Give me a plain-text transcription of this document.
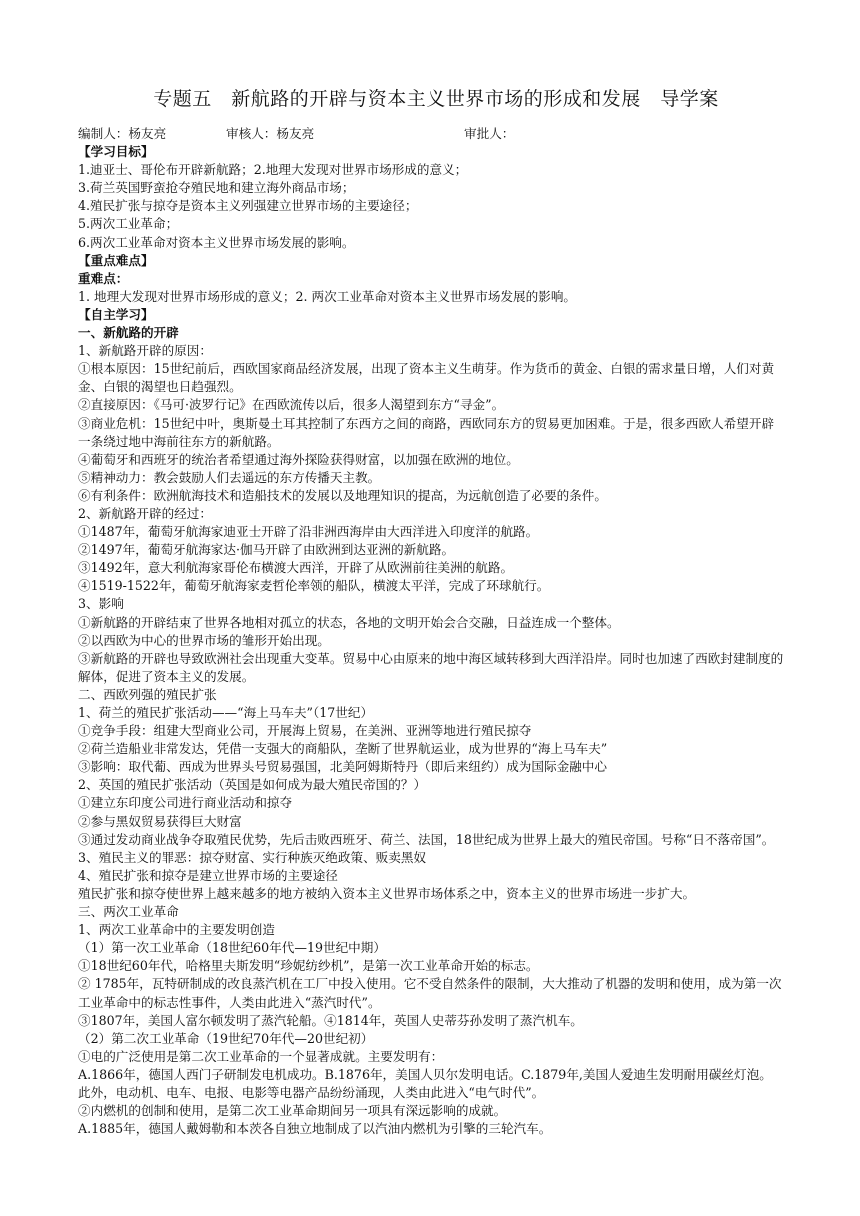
专题五　新航路的开辟与资本主义世界市场的形成和发展　导学案
编制人：杨友亮	审核人：杨友亮	审批人：
【学习目标】
1.迪亚士、哥伦布开辟新航路；2.地理大发现对世界市场形成的意义；
3.荷兰英国野蛮抢夺殖民地和建立海外商品市场；
4.殖民扩张与掠夺是资本主义列强建立世界市场的主要途径；
5.两次工业革命；
6.两次工业革命对资本主义世界市场发展的影响。
【重点难点】
重难点：
1. 地理大发现对世界市场形成的意义；2. 两次工业革命对资本主义世界市场发展的影响。
【自主学习】
一、新航路的开辟
1、新航路开辟的原因：
①根本原因：15世纪前后，西欧国家商品经济发展，出现了资本主义生萌芽。作为货币的黄金、白银的需求量日增，人们对黄金、白银的渴望也日趋强烈。
②直接原因：《马可·波罗行记》在西欧流传以后，很多人渴望到东方“寻金”。
③商业危机：15世纪中叶，奥斯曼土耳其控制了东西方之间的商路，西欧同东方的贸易更加困难。于是，很多西欧人希望开辟一条绕过地中海前往东方的新航路。
④葡萄牙和西班牙的统治者希望通过海外探险获得财富，以加强在欧洲的地位。
⑤精神动力：教会鼓励人们去遥远的东方传播天主教。
⑥有利条件：欧洲航海技术和造船技术的发展以及地理知识的提高，为远航创造了必要的条件。
2、新航路开辟的经过：
①1487年，葡萄牙航海家迪亚士开辟了沿非洲西海岸由大西洋进入印度洋的航路。
②1497年，葡萄牙航海家达·伽马开辟了由欧洲到达亚洲的新航路。
③1492年，意大利航海家哥伦布横渡大西洋，开辟了从欧洲前往美洲的航路。
④1519-1522年，葡萄牙航海家麦哲伦率领的船队，横渡太平洋，完成了环球航行。
3、影响
①新航路的开辟结束了世界各地相对孤立的状态，各地的文明开始会合交融，日益连成一个整体。
②以西欧为中心的世界市场的雏形开始出现。
③新航路的开辟也导致欧洲社会出现重大变革。贸易中心由原来的地中海区域转移到大西洋沿岸。同时也加速了西欧封建制度的解体，促进了资本主义的发展。
二、西欧列强的殖民扩张
1、荷兰的殖民扩张活动——“海上马车夫”（17世纪）
①竞争手段：组建大型商业公司，开展海上贸易，在美洲、亚洲等地进行殖民掠夺
②荷兰造船业非常发达，凭借一支强大的商船队，垄断了世界航运业，成为世界的“海上马车夫”
③影响：取代葡、西成为世界头号贸易强国，北美阿姆斯特丹（即后来纽约）成为国际金融中心
2、英国的殖民扩张活动（英国是如何成为最大殖民帝国的？）
①建立东印度公司进行商业活动和掠夺
②参与黑奴贸易获得巨大财富
③通过发动商业战争夺取殖民优势，先后击败西班牙、荷兰、法国，18世纪成为世界上最大的殖民帝国。号称“日不落帝国”。
3、殖民主义的罪恶：掠夺财富、实行种族灭绝政策、贩卖黑奴
4、殖民扩张和掠夺是建立世界市场的主要途径
殖民扩张和掠夺使世界上越来越多的地方被纳入资本主义世界市场体系之中，资本主义的世界市场进一步扩大。
三、两次工业革命
1、两次工业革命中的主要发明创造
（1）第一次工业革命（18世纪60年代—19世纪中期）
①18世纪60年代，哈格里夫斯发明“珍妮纺纱机”，是第一次工业革命开始的标志。
② 1785年，瓦特研制成的改良蒸汽机在工厂中投入使用。它不受自然条件的限制，大大推动了机器的发明和使用，成为第一次工业革命中的标志性事件，人类由此进入“蒸汽时代”。
③1807年，美国人富尔顿发明了蒸汽轮船。④1814年，英国人史蒂芬孙发明了蒸汽机车。
（2）第二次工业革命（19世纪70年代—20世纪初）
①电的广泛使用是第二次工业革命的一个显著成就。主要发明有：
A.1866年，德国人西门子研制发电机成功。B.1876年，美国人贝尔发明电话。C.1879年,美国人爱迪生发明耐用碳丝灯泡。
此外，电动机、电车、电报、电影等电器产品纷纷涌现，人类由此进入“电气时代”。
②内燃机的创制和使用，是第二次工业革命期间另一项具有深远影响的成就。
A.1885年，德国人戴姆勒和本茨各自独立地制成了以汽油内燃机为引擎的三轮汽车。
